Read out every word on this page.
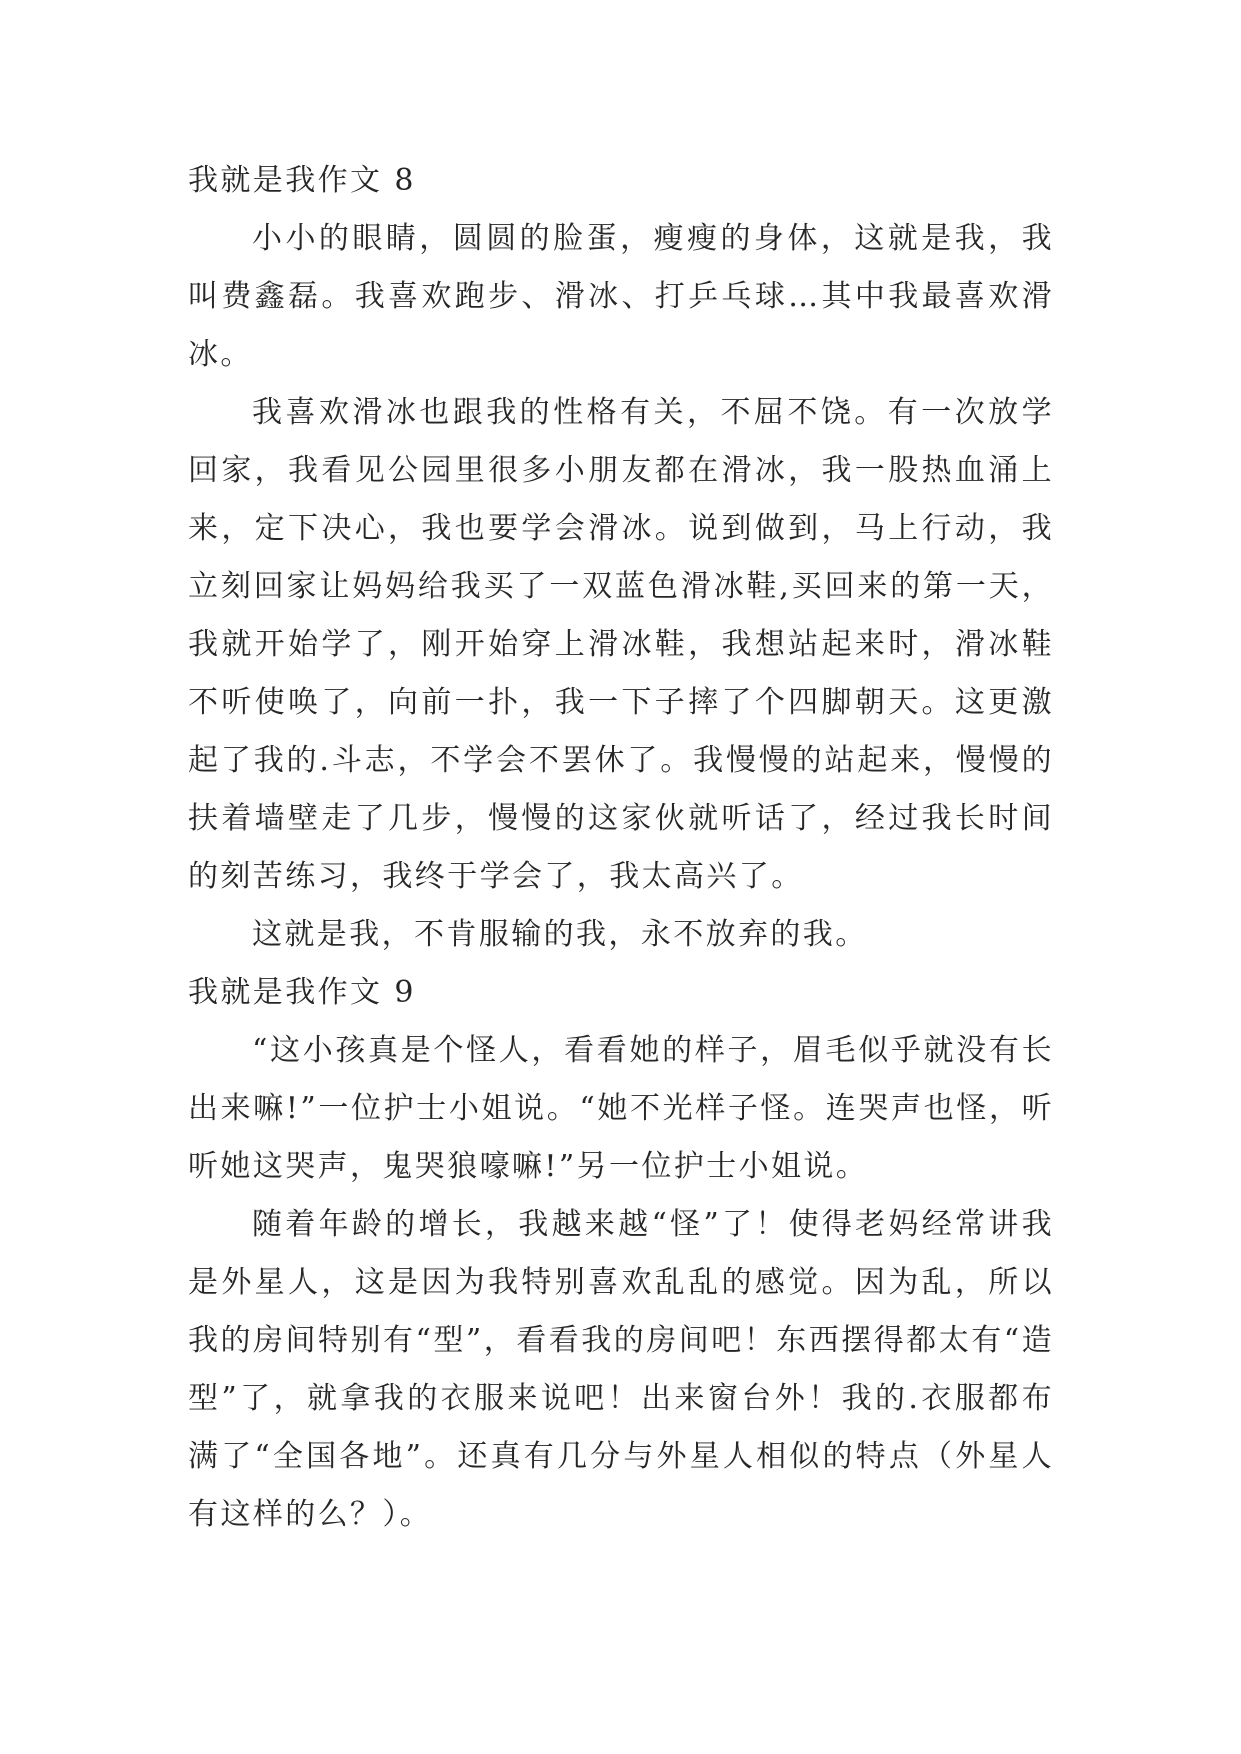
我就是我作文 8

小小的眼睛，圆圆的脸蛋，瘦瘦的身体，这就是我，我叫费鑫磊。我喜欢跑步、滑冰、打乒乓球…其中我最喜欢滑冰。

我喜欢滑冰也跟我的性格有关，不屈不饶。有一次放学回家，我看见公园里很多小朋友都在滑冰，我一股热血涌上来，定下决心，我也要学会滑冰。说到做到，马上行动，我立刻回家让妈妈给我买了一双蓝色滑冰鞋,买回来的第一天，我就开始学了，刚开始穿上滑冰鞋，我想站起来时，滑冰鞋不听使唤了，向前一扑，我一下子摔了个四脚朝天。这更激起了我的.斗志，不学会不罢休了。我慢慢的站起来，慢慢的扶着墙壁走了几步，慢慢的这家伙就听话了，经过我长时间的刻苦练习，我终于学会了，我太高兴了。

这就是我，不肯服输的我，永不放弃的我。

我就是我作文 9

“这小孩真是个怪人，看看她的样子，眉毛似乎就没有长出来嘛!”一位护士小姐说。“她不光样子怪。连哭声也怪，听听她这哭声，鬼哭狼嚎嘛!”另一位护士小姐说。

随着年龄的增长，我越来越“怪”了！使得老妈经常讲我是外星人，这是因为我特别喜欢乱乱的感觉。因为乱，所以我的房间特别有“型”，看看我的房间吧！东西摆得都太有“造型”了，就拿我的衣服来说吧！出来窗台外！我的.衣服都布满了“全国各地”。还真有几分与外星人相似的特点（外星人有这样的么？）。
